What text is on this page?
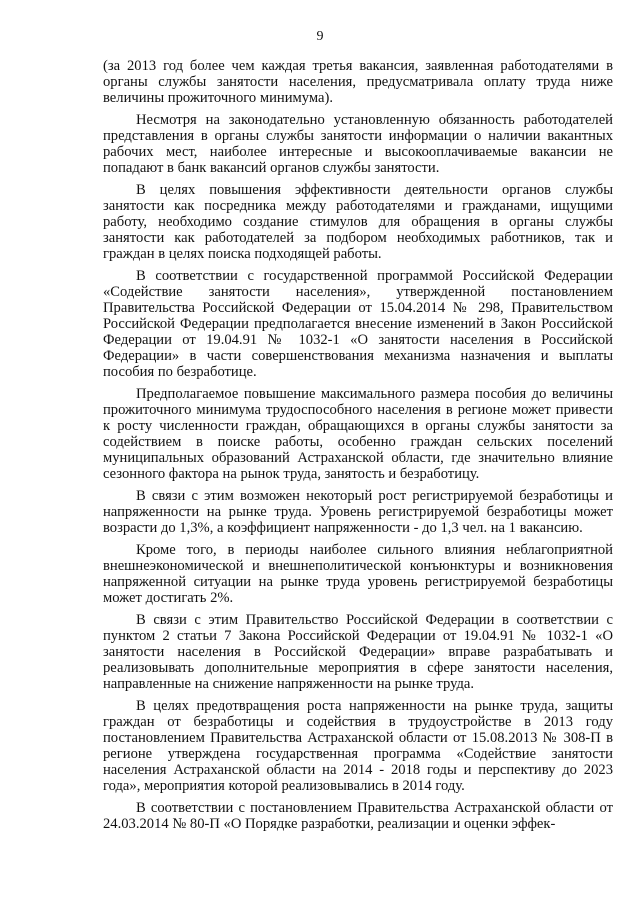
9

(за 2013 год более чем каждая третья вакансия, заявленная работодателями в органы службы занятости населения, предусматривала оплату труда ниже величины прожиточного минимума).

Несмотря на законодательно установленную обязанность работодателей представления в органы службы занятости информации о наличии вакантных рабочих мест, наиболее интересные и высокооплачиваемые вакансии не попадают в банк вакансий органов службы занятости.

В целях повышения эффективности деятельности органов службы занятости как посредника между работодателями и гражданами, ищущими работу, необходимо создание стимулов для обращения в органы службы занятости как работодателей за подбором необходимых работников, так и граждан в целях поиска подходящей работы.

В соответствии с государственной программой Российской Федерации «Содействие занятости населения», утвержденной постановлением Правительства Российской Федерации от 15.04.2014 № 298, Правительством Российской Федерации предполагается внесение изменений в Закон Российской Федерации от 19.04.91 № 1032-1 «О занятости населения в Российской Федерации» в части совершенствования механизма назначения и выплаты пособия по безработице.

Предполагаемое повышение максимального размера пособия до величины прожиточного минимума трудоспособного населения в регионе может привести к росту численности граждан, обращающихся в органы службы занятости за содействием в поиске работы, особенно граждан сельских поселений муниципальных образований Астраханской области, где значительно влияние сезонного фактора на рынок труда, занятость и безработицу.

В связи с этим возможен некоторый рост регистрируемой безработицы и напряженности на рынке труда. Уровень регистрируемой безработицы может возрасти до 1,3%, а коэффициент напряженности - до 1,3 чел. на 1 вакансию.

Кроме того, в периоды наиболее сильного влияния неблагоприятной внешнеэкономической и внешнеполитической конъюнктуры и возникновения напряженной ситуации на рынке труда уровень регистрируемой безработицы может достигать 2%.

В связи с этим Правительство Российской Федерации в соответствии с пунктом 2 статьи 7 Закона Российской Федерации от 19.04.91 № 1032-1 «О занятости населения в Российской Федерации» вправе разрабатывать и реализовывать дополнительные мероприятия в сфере занятости населения, направленные на снижение напряженности на рынке труда.

В целях предотвращения роста напряженности на рынке труда, защиты граждан от безработицы и содействия в трудоустройстве в 2013 году постановлением Правительства Астраханской области от 15.08.2013 № 308-П в регионе утверждена государственная программа «Содействие занятости населения Астраханской области на 2014 - 2018 годы и перспективу до 2023 года», мероприятия которой реализовывались в 2014 году.

В соответствии с постановлением Правительства Астраханской области от 24.03.2014 № 80-П «О Порядке разработки, реализации и оценки эффек-
